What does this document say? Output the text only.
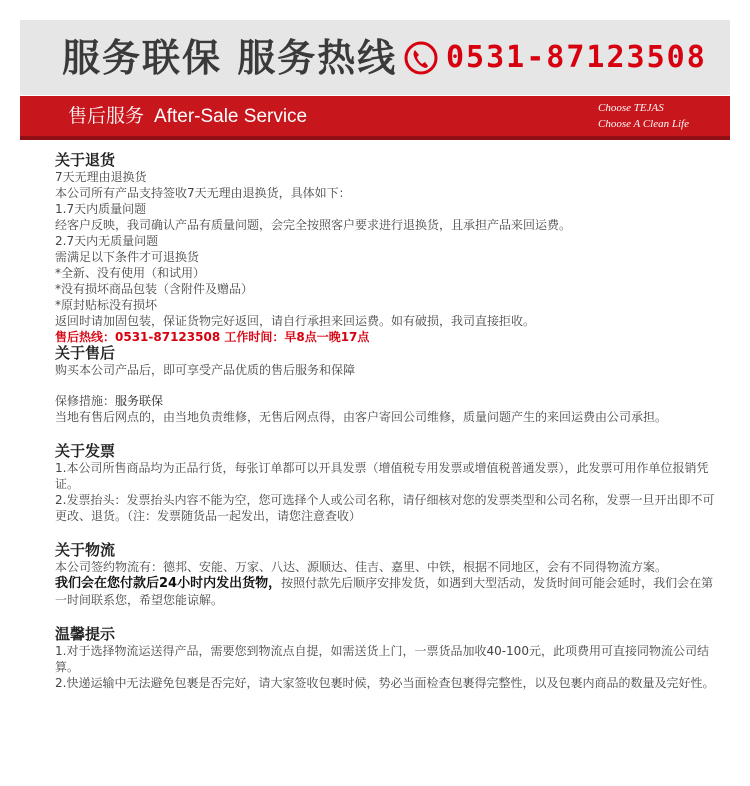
服务联保 服务热线 0531-87123508
售后服务 After-Sale Service	Choose TEJAS
Choose A Clean Life

关于退货

7天无理由退换货

本公司所有产品支持签收7天无理由退换货，具体如下：

1.7天内质量问题

经客户反映，我司确认产品有质量问题，会完全按照客户要求进行退换货，且承担产品来回运费。

2.7天内无质量问题

需满足以下条件才可退换货

*全新、没有使用（和试用）

*没有损坏商品包装（含附件及赠品）

*原封贴标没有损坏

返回时请加固包装，保证货物完好返回，请自行承担来回运费。如有破损，我司直接拒收。

售后热线：0531-87123508 工作时间：早8点一晚17点

关于售后

购买本公司产品后，即可享受产品优质的售后服务和保障

保修措施：服务联保

当地有售后网点的，由当地负责维修，无售后网点得，由客户寄回公司维修，质量问题产生的来回运费由公司承担。

关于发票

1.本公司所售商品均为正品行货，每张订单都可以开具发票（增值税专用发票或增值税普通发票），此发票可用作单位报销凭证。

2.发票抬头：发票抬头内容不能为空，您可选择个人或公司名称，请仔细核对您的发票类型和公司名称，发票一旦开出即不可更改、退货。（注：发票随货品一起发出，请您注意查收）

关于物流

本公司签约物流有：德邦、安能、万家、八达、源顺达、佳吉、嘉里、中铁，根据不同地区，会有不同得物流方案。

我们会在您付款后24小时内发出货物，按照付款先后顺序安排发货，如遇到大型活动，发货时间可能会延时，我们会在第一时间联系您，希望您能谅解。

温馨提示

1.对于选择物流运送得产品，需要您到物流点自提，如需送货上门，一票货品加收40-100元，此项费用可直接同物流公司结算。

2.快递运输中无法避免包裹是否完好，请大家签收包裹时候，势必当面检查包裹得完整性，以及包裹内商品的数量及完好性。
